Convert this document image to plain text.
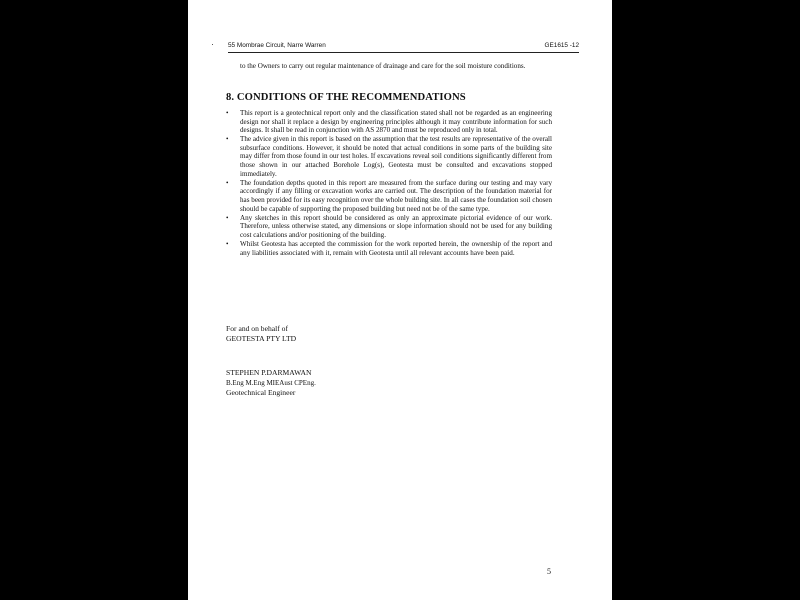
55 Mombrae Circuit, Narre Warren	GE1615 -12
to the Owners to carry out regular maintenance of drainage and care for the soil moisture conditions.
8. CONDITIONS OF THE RECOMMENDATIONS
• This report is a geotechnical report only and the classification stated shall not be regarded as an engineering design nor shall it replace a design by engineering principles although it may contribute information for such designs. It shall be read in conjunction with AS 2870 and must be reproduced only in total.
• The advice given in this report is based on the assumption that the test results are representative of the overall subsurface conditions. However, it should be noted that actual conditions in some parts of the building site may differ from those found in our test holes. If excavations reveal soil conditions significantly different from those shown in our attached Borehole Log(s), Geotesta must be consulted and excavations stopped immediately.
• The foundation depths quoted in this report are measured from the surface during our testing and may vary accordingly if any filling or excavation works are carried out. The description of the foundation material for has been provided for its easy recognition over the whole building site. In all cases the foundation soil chosen should be capable of supporting the proposed building but need not be of the same type.
• Any sketches in this report should be considered as only an approximate pictorial evidence of our work. Therefore, unless otherwise stated, any dimensions or slope information should not be used for any building cost calculations and/or positioning of the building.
• Whilst Geotesta has accepted the commission for the work reported herein, the ownership of the report and any liabilities associated with it, remain with Geotesta until all relevant accounts have been paid.
For and on behalf of
GEOTESTA PTY LTD
STEPHEN P.DARMAWAN
B.Eng M.Eng MIEAust CPEng.
Geotechnical Engineer
5
